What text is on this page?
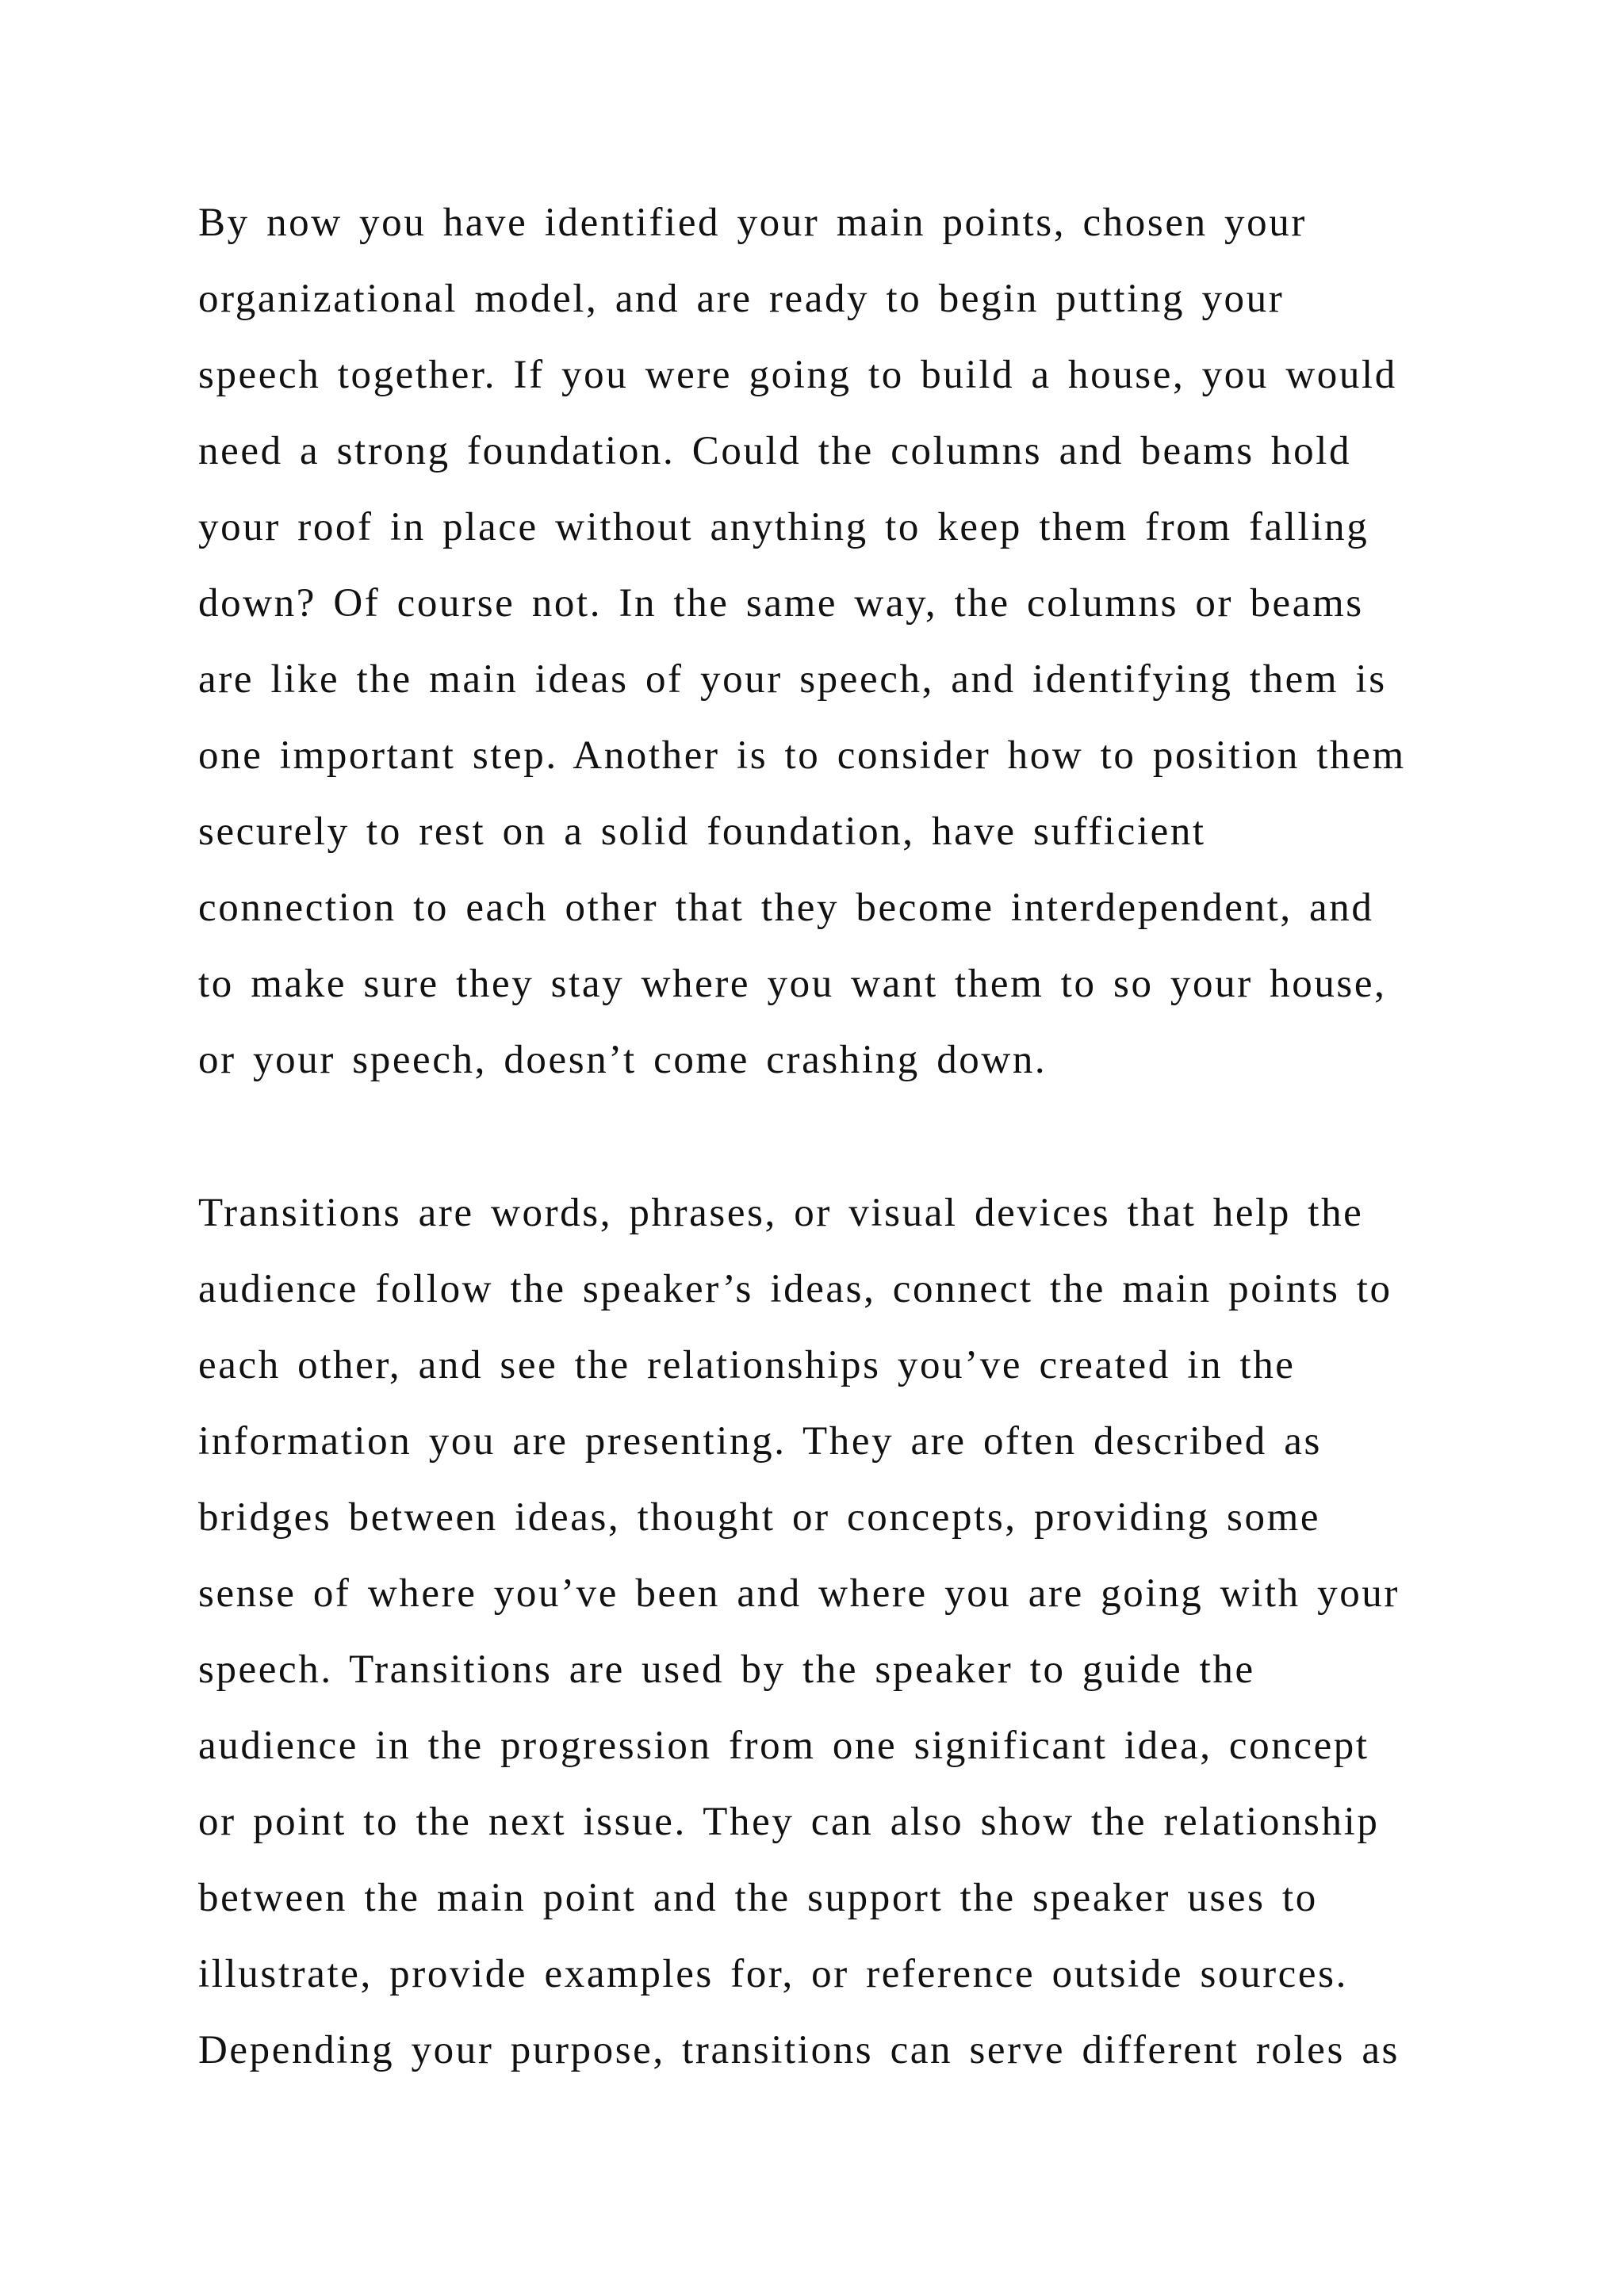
By now you have identified your main points, chosen your
organizational model, and are ready to begin putting your
speech together. If you were going to build a house, you would
need a strong foundation. Could the columns and beams hold
your roof in place without anything to keep them from falling
down? Of course not. In the same way, the columns or beams
are like the main ideas of your speech, and identifying them is
one important step. Another is to consider how to position them
securely to rest on a solid foundation, have sufficient
connection to each other that they become interdependent, and
to make sure they stay where you want them to so your house,
or your speech, doesn’t come crashing down.

Transitions are words, phrases, or visual devices that help the
audience follow the speaker’s ideas, connect the main points to
each other, and see the relationships you’ve created in the
information you are presenting. They are often described as
bridges between ideas, thought or concepts, providing some
sense of where you’ve been and where you are going with your
speech. Transitions are used by the speaker to guide the
audience in the progression from one significant idea, concept
or point to the next issue. They can also show the relationship
between the main point and the support the speaker uses to
illustrate, provide examples for, or reference outside sources.
Depending your purpose, transitions can serve different roles as
